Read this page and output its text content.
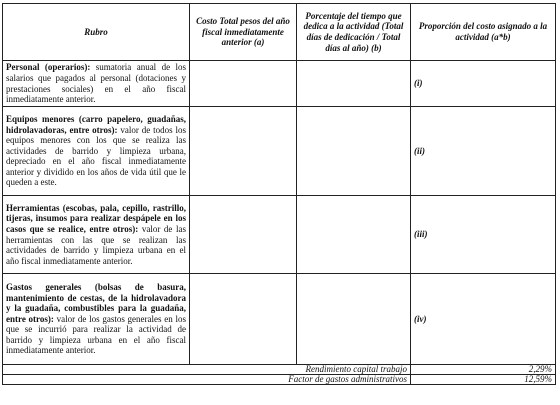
Rubro	Costo Total pesos del año fiscal inmediatamente anterior (a)	Porcentaje del tiempo que dedica a la actividad (Total días de dedicación / Total días al año) (b)	Proporción del costo asignado a la actividad (a*b)
Personal (operarios): sumatoria anual de los salarios que pagados al personal (dotaciones y prestaciones sociales) en el año fiscal inmediatamente anterior.			(i)
Equipos menores (carro papelero, guadañas, hidrolavadoras, entre otros): valor de todos los equipos menores con los que se realiza las actividades de barrido y limpieza urbana, depreciado en el año fiscal inmediatamente anterior y dividido en los años de vida útil que le queden a este.			(ii)
Herramientas (escobas, pala, cepillo, rastrillo, tijeras, insumos para realizar despápele en los casos que se realice, entre otros): valor de las herramientas con las que se realizan las actividades de barrido y limpieza urbana en el año fiscal inmediatamente anterior.			(iii)
Gastos generales (bolsas de basura, mantenimiento de cestas, de la hidrolavadora y la guadaña, combustibles para la guadaña, entre otros): valor de los gastos generales en los que se incurrió para realizar la actividad de barrido y limpieza urbana en el año fiscal inmediatamente anterior.			(iv)
Rendimiento capital trabajo			2,29%
Factor de gastos administrativos			12,59%
